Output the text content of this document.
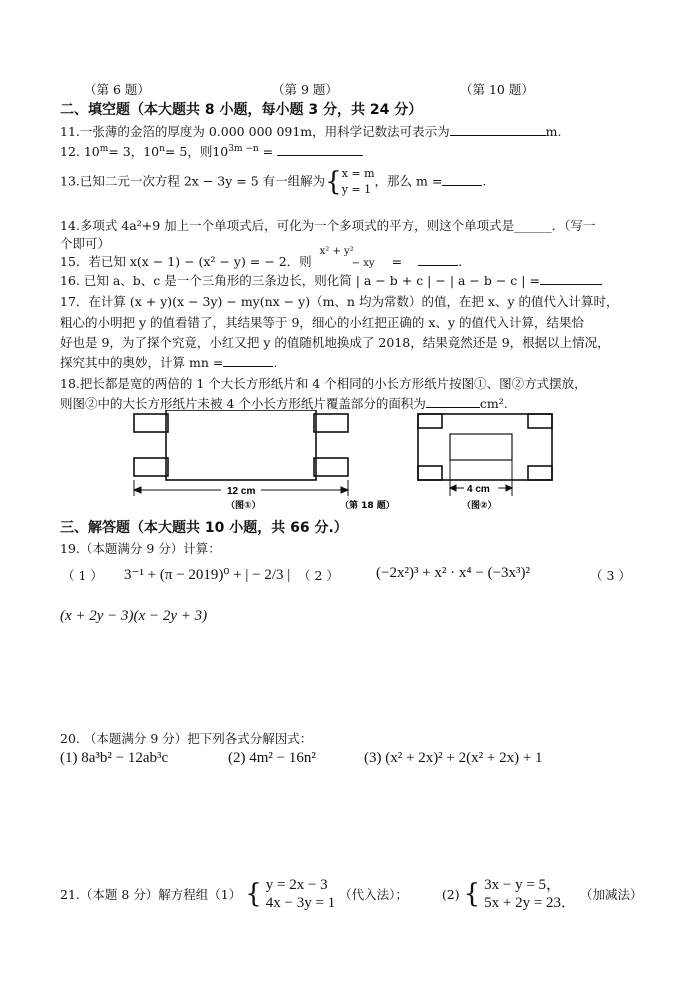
（第 6 题）	（第 9 题）	（第 10 题）
二、填空题（本大题共 8 小题，每小题 3 分，共 24 分）
11.一张薄的金箔的厚度为 0.000 000 091m，用科学记数法可表示为	m.
12. $10^m= 3$，$10^n= 5$，则$10^{3m -n}$ =
13.已知二元一次方程 2x − 3y = 5 有一组解为{ x = m
y = 1
，那么 m =	.
14.多项式 4a²+9 加上一个单项式后，可化为一个多项式的平方，则这个单项式是______．（写一
个即可）
15．若已知 x(x − 1) − (x² − y) = − 2．则
x² + y²
− xy =	.
16. 已知 a、b、c 是一个三角形的三条边长，则化简 | a − b + c | − | a − b − c | =
17．在计算 (x + y)(x − 3y) − my(nx − y)（m、n 均为常数）的值，在把 x、y 的值代入计算时，
粗心的小明把 y 的值看错了，其结果等于 9，细心的小红把正确的 x、y 的值代入计算，结果恰
好也是 9，为了探个究竟，小红又把 y 的值随机地换成了 2018，结果竟然还是 9，根据以上情况，
探究其中的奥妙，计算 mn =	.
18.把长都是宽的两倍的 1 个大长方形纸片和 4 个相同的小长方形纸片按图①、图②方式摆放，
则图②中的大长方形纸片未被 4 个小长方形纸片覆盖部分的面积为	cm².
12 cm
（图①）	（第 18 题）
4 cm
（图②）
三、解答题（本大题共 10 小题，共 66 分.）
19.（本题满分 9 分）计算：
（ 1 ） 3⁻¹ + (π − 2019)⁰ + | − 2/3 | （ 2 ） (−2x²)³ + x² · x⁴ − (−3x³)²	（ 3 ）
(x + 2y − 3)(x − 2y + 3)
20. （本题满分 9 分）把下列各式分解因式：
(1) 8a³b² − 12ab³c	(2) 4m² − 16n²	(3) (x² + 2x)² + 2(x² + 2x) + 1
21.（本题 8 分）解方程组（1） { y = 2x − 3
4x − 3y = 1
（代入法）；	(2) { 3x − y = 5，
5x + 2y = 23．
（加减法）
